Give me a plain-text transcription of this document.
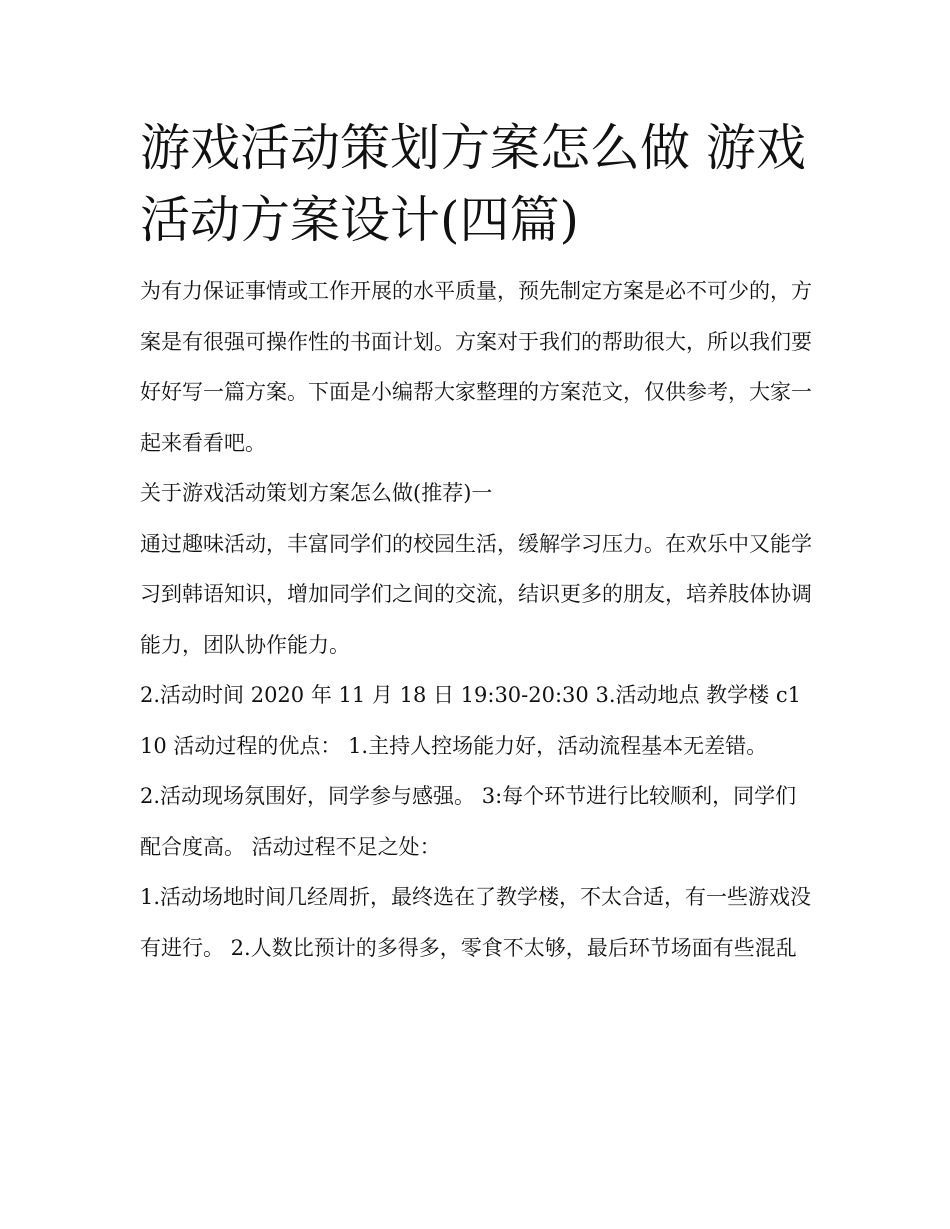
游戏活动策划方案怎么做 游戏活动方案设计(四篇)

为有力保证事情或工作开展的水平质量，预先制定方案是必不可少的，方案是有很强可操作性的书面计划。方案对于我们的帮助很大，所以我们要好好写一篇方案。下面是小编帮大家整理的方案范文，仅供参考，大家一起来看看吧。

关于游戏活动策划方案怎么做(推荐)一

通过趣味活动，丰富同学们的校园生活，缓解学习压力。在欢乐中又能学习到韩语知识，增加同学们之间的交流，结识更多的朋友，培养肢体协调能力，团队协作能力。

2.活动时间 2020 年 11 月 18 日 19:30-20:30 3.活动地点 教学楼 c110 活动过程的优点： 1.主持人控场能力好，活动流程基本无差错。

2.活动现场氛围好，同学参与感强。 3:每个环节进行比较顺利，同学们配合度高。 活动过程不足之处：

1.活动场地时间几经周折，最终选在了教学楼，不太合适，有一些游戏没有进行。 2.人数比预计的多得多，零食不太够，最后环节场面有些混乱
